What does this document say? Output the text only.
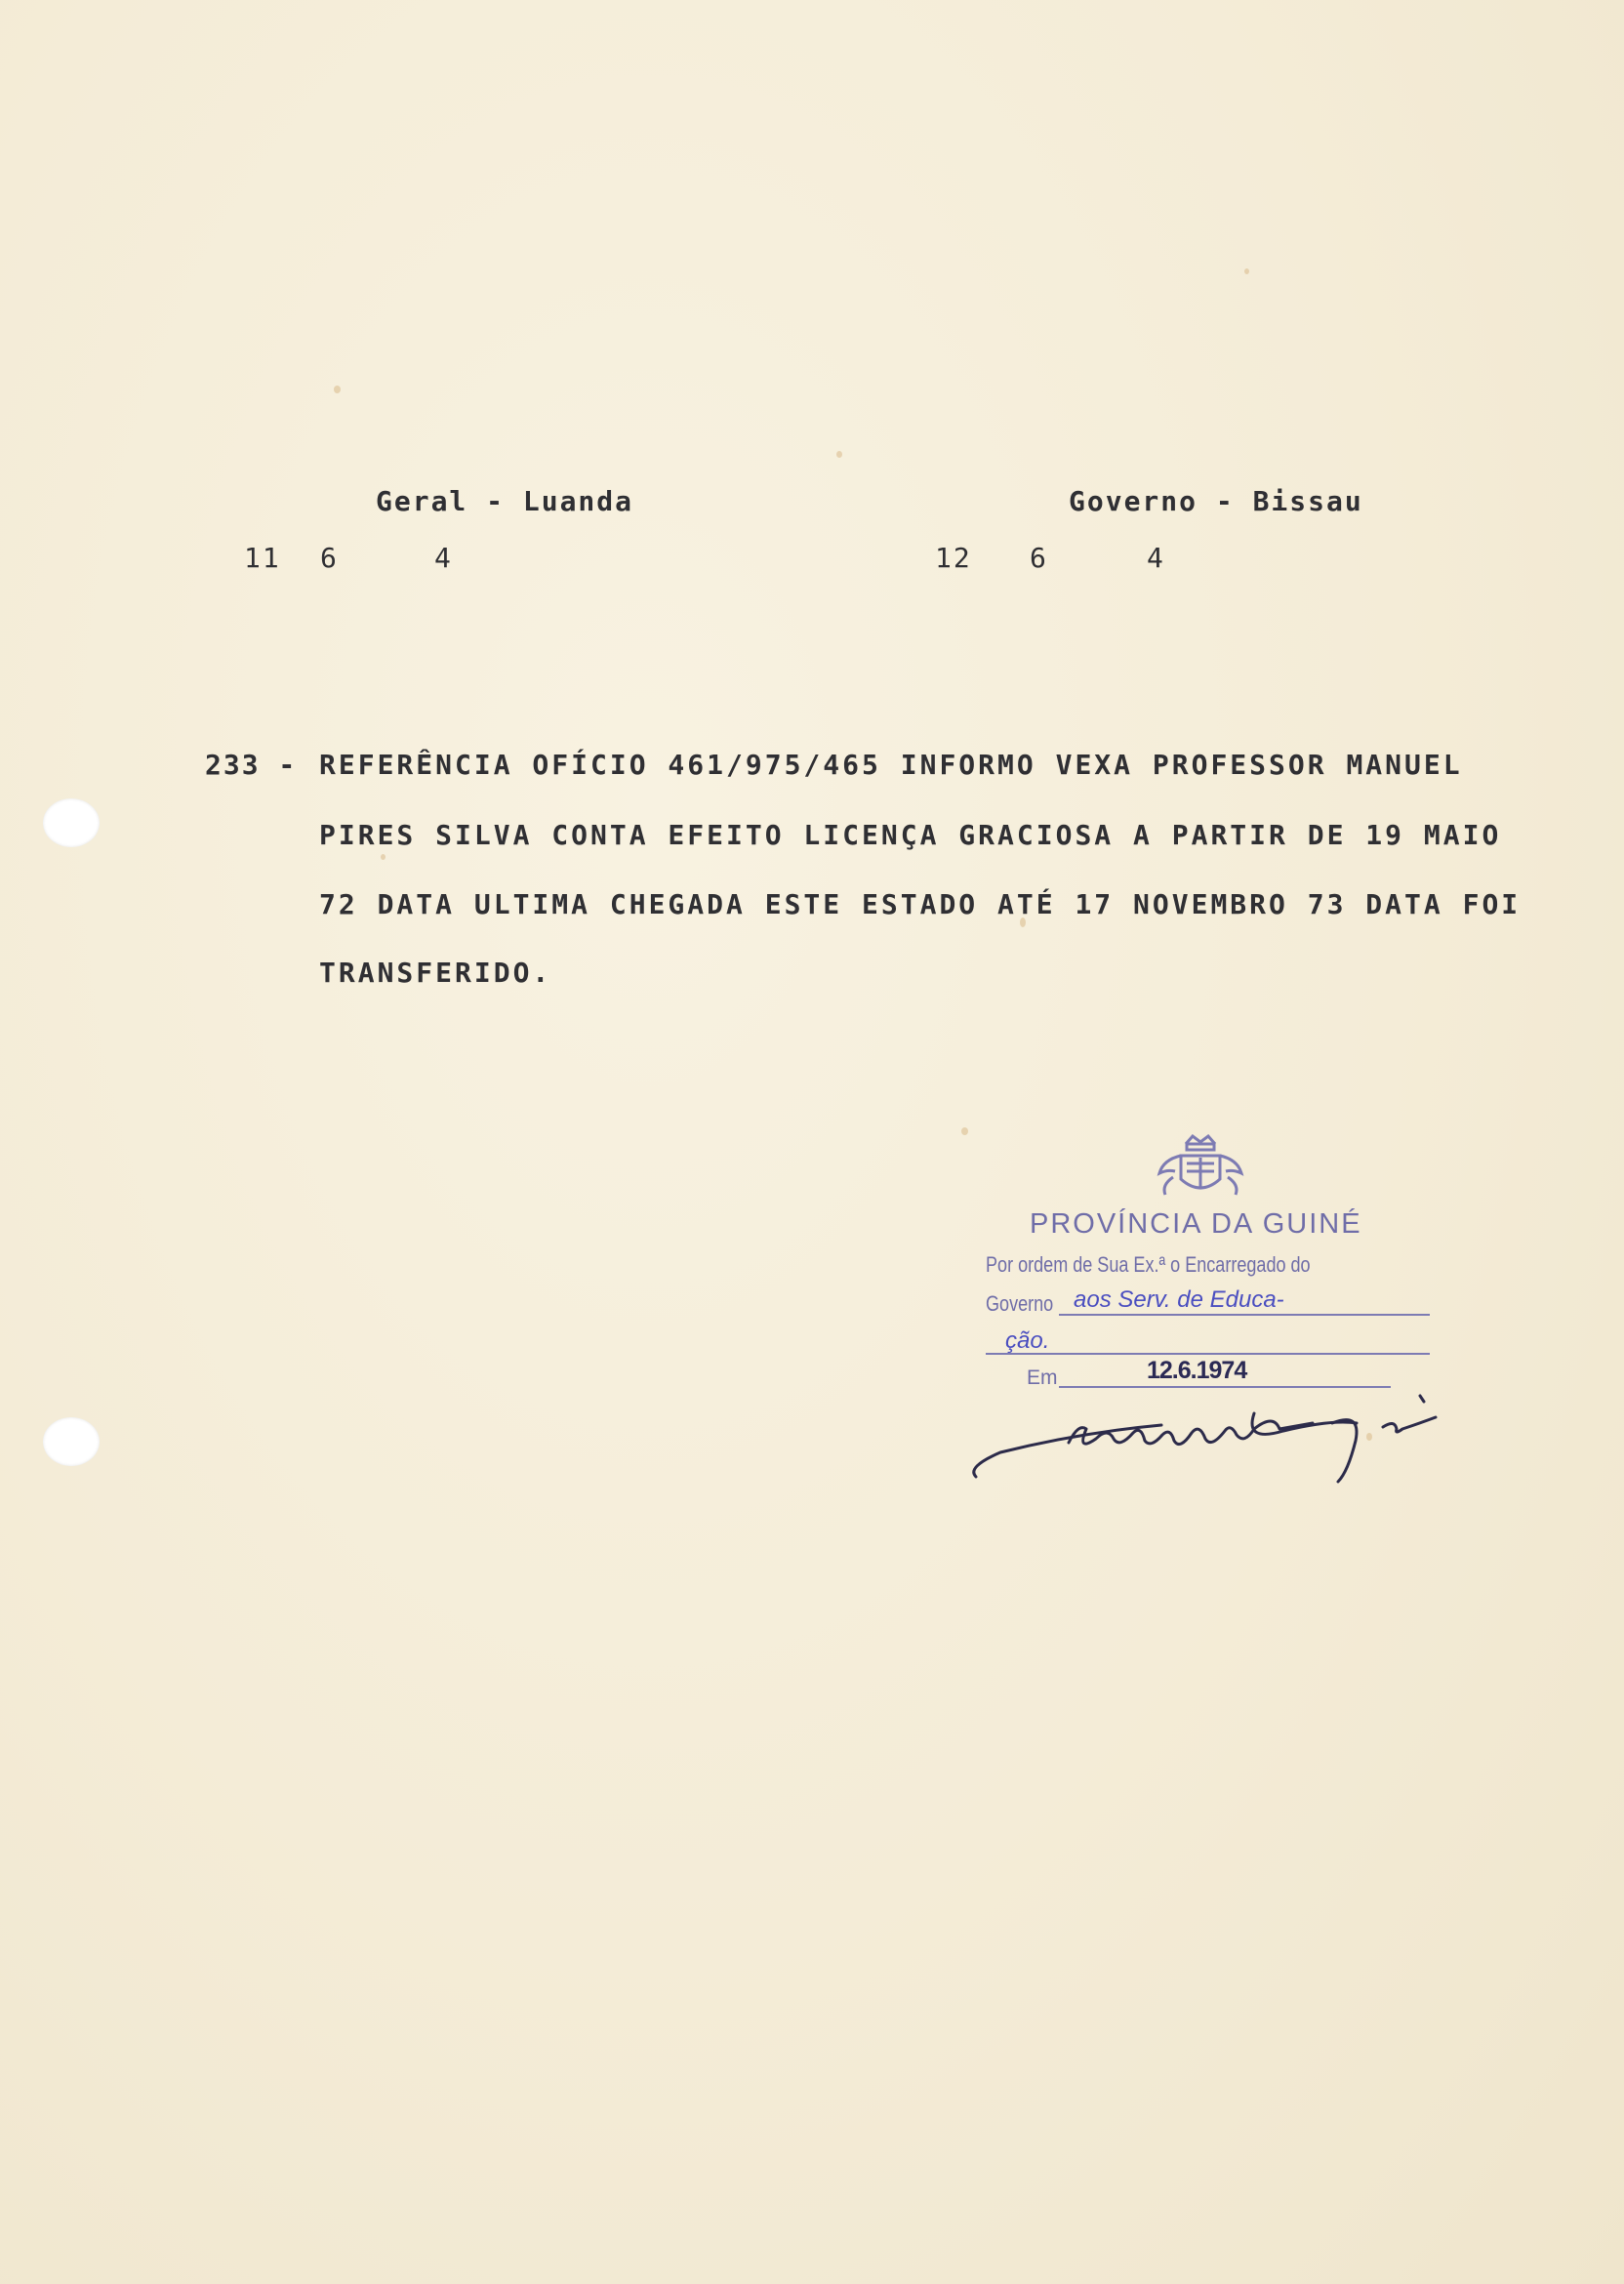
Geral - Luanda	Governo - Bissau
11 6	4	12 6	4
233 - REFERÊNCIA OFÍCIO 461/975/465 INFORMO VEXA PROFESSOR MANUEL
PIRES SILVA CONTA EFEITO LICENÇA GRACIOSA A PARTIR DE 19 MAIO
72 DATA ULTIMA CHEGADA ESTE ESTADO ATÉ 17 NOVEMBRO 73 DATA FOI
TRANSFERIDO.
PROVÍNCIA DA GUINÉ
Por ordem de Sua Ex.ª o Encarregado do
Governo aos Serv. de Educa-
ção.
Em	12.6.1974
